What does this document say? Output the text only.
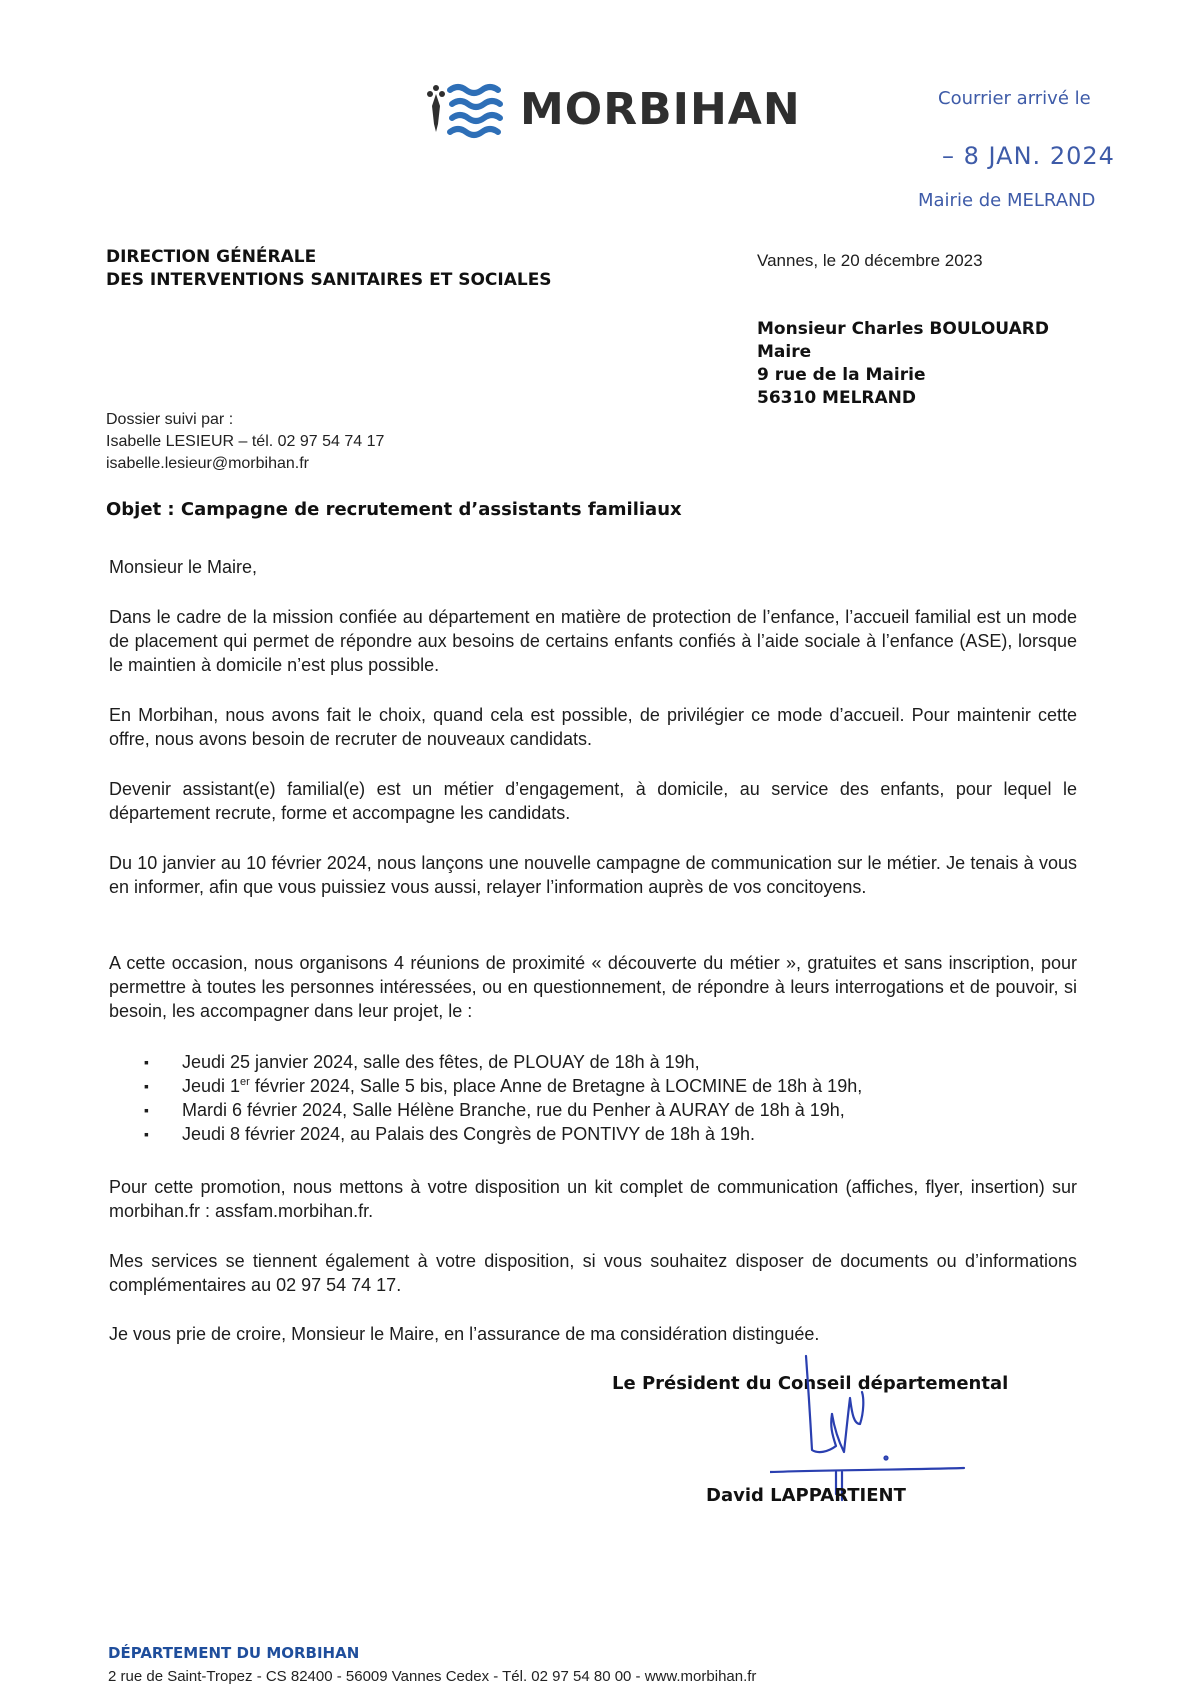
MORBIHAN	Courrier arrivé le
– 8 JAN. 2024
Mairie de MELRAND
DIRECTION GÉNÉRALE
DES INTERVENTIONS SANITAIRES ET SOCIALES
Vannes, le 20 décembre 2023
Monsieur Charles BOULOUARD
Maire
9 rue de la Mairie
56310 MELRAND
Dossier suivi par :
Isabelle LESIEUR – tél. 02 97 54 74 17
isabelle.lesieur@morbihan.fr
Objet : Campagne de recrutement d’assistants familiaux
Monsieur le Maire,
Dans le cadre de la mission confiée au département en matière de protection de l’enfance, l’accueil familial est un mode de placement qui permet de répondre aux besoins de certains enfants confiés à l’aide sociale à l’enfance (ASE), lorsque le maintien à domicile n’est plus possible.
En Morbihan, nous avons fait le choix, quand cela est possible, de privilégier ce mode d’accueil. Pour maintenir cette offre, nous avons besoin de recruter de nouveaux candidats.
Devenir assistant(e) familial(e) est un métier d’engagement, à domicile, au service des enfants, pour lequel le département recrute, forme et accompagne les candidats.
Du 10 janvier au 10 février 2024, nous lançons une nouvelle campagne de communication sur le métier. Je tenais à vous en informer, afin que vous puissiez vous aussi, relayer l’information auprès de vos concitoyens.
A cette occasion, nous organisons 4 réunions de proximité « découverte du métier », gratuites et sans inscription, pour permettre à toutes les personnes intéressées, ou en questionnement, de répondre à leurs interrogations et de pouvoir, si besoin, les accompagner dans leur projet, le :
▪ Jeudi 25 janvier 2024, salle des fêtes, de PLOUAY de 18h à 19h,
▪ Jeudi 1er février 2024, Salle 5 bis, place Anne de Bretagne à LOCMINE de 18h à 19h,
▪ Mardi 6 février 2024, Salle Hélène Branche, rue du Penher à AURAY de 18h à 19h,
▪ Jeudi 8 février 2024, au Palais des Congrès de PONTIVY de 18h à 19h.
Pour cette promotion, nous mettons à votre disposition un kit complet de communication (affiches, flyer, insertion) sur morbihan.fr : assfam.morbihan.fr.
Mes services se tiennent également à votre disposition, si vous souhaitez disposer de documents ou d’informations complémentaires au 02 97 54 74 17.
Je vous prie de croire, Monsieur le Maire, en l’assurance de ma considération distinguée.
Le Président du Conseil départemental
David LAPPARTIENT
DÉPARTEMENT DU MORBIHAN
2 rue de Saint-Tropez - CS 82400 - 56009 Vannes Cedex - Tél. 02 97 54 80 00 - www.morbihan.fr
